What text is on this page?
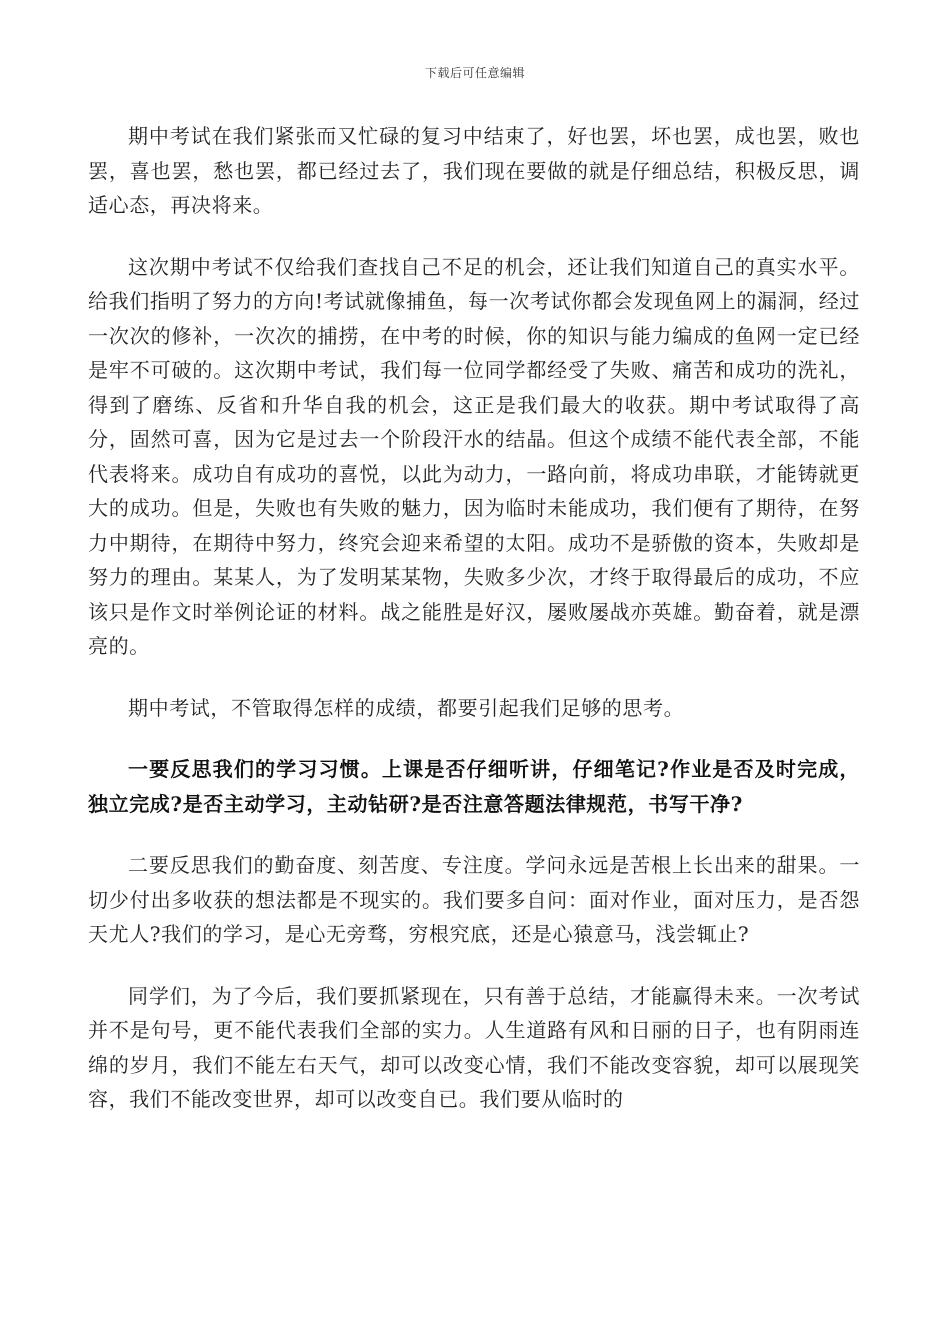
下载后可任意编辑

期中考试在我们紧张而又忙碌的复习中结束了，好也罢，坏也罢，成也罢，败也罢，喜也罢，愁也罢，都已经过去了，我们现在要做的就是仔细总结，积极反思，调适心态，再决将来。

这次期中考试不仅给我们查找自己不足的机会，还让我们知道自己的真实水平。给我们指明了努力的方向!考试就像捕鱼，每一次考试你都会发现鱼网上的漏洞，经过一次次的修补，一次次的捕捞，在中考的时候，你的知识与能力编成的鱼网一定已经是牢不可破的。这次期中考试，我们每一位同学都经受了失败、痛苦和成功的洗礼，得到了磨练、反省和升华自我的机会，这正是我们最大的收获。期中考试取得了高分，固然可喜，因为它是过去一个阶段汗水的结晶。但这个成绩不能代表全部，不能代表将来。成功自有成功的喜悦，以此为动力，一路向前，将成功串联，才能铸就更大的成功。但是，失败也有失败的魅力，因为临时未能成功，我们便有了期待，在努力中期待，在期待中努力，终究会迎来希望的太阳。成功不是骄傲的资本，失败却是努力的理由。某某人，为了发明某某物，失败多少次，才终于取得最后的成功，不应该只是作文时举例论证的材料。战之能胜是好汉，屡败屡战亦英雄。勤奋着，就是漂亮的。

期中考试，不管取得怎样的成绩，都要引起我们足够的思考。

一要反思我们的学习习惯。上课是否仔细听讲，仔细笔记?作业是否及时完成，独立完成?是否主动学习，主动钻研?是否注意答题法律规范，书写干净?

二要反思我们的勤奋度、刻苦度、专注度。学问永远是苦根上长出来的甜果。一切少付出多收获的想法都是不现实的。我们要多自问：面对作业，面对压力，是否怨天尤人?我们的学习，是心无旁骛，穷根究底，还是心猿意马，浅尝辄止?

同学们，为了今后，我们要抓紧现在，只有善于总结，才能赢得未来。一次考试并不是句号，更不能代表我们全部的实力。人生道路有风和日丽的日子，也有阴雨连绵的岁月，我们不能左右天气，却可以改变心情，我们不能改变容貌，却可以展现笑容，我们不能改变世界，却可以改变自已。我们要从临时的
